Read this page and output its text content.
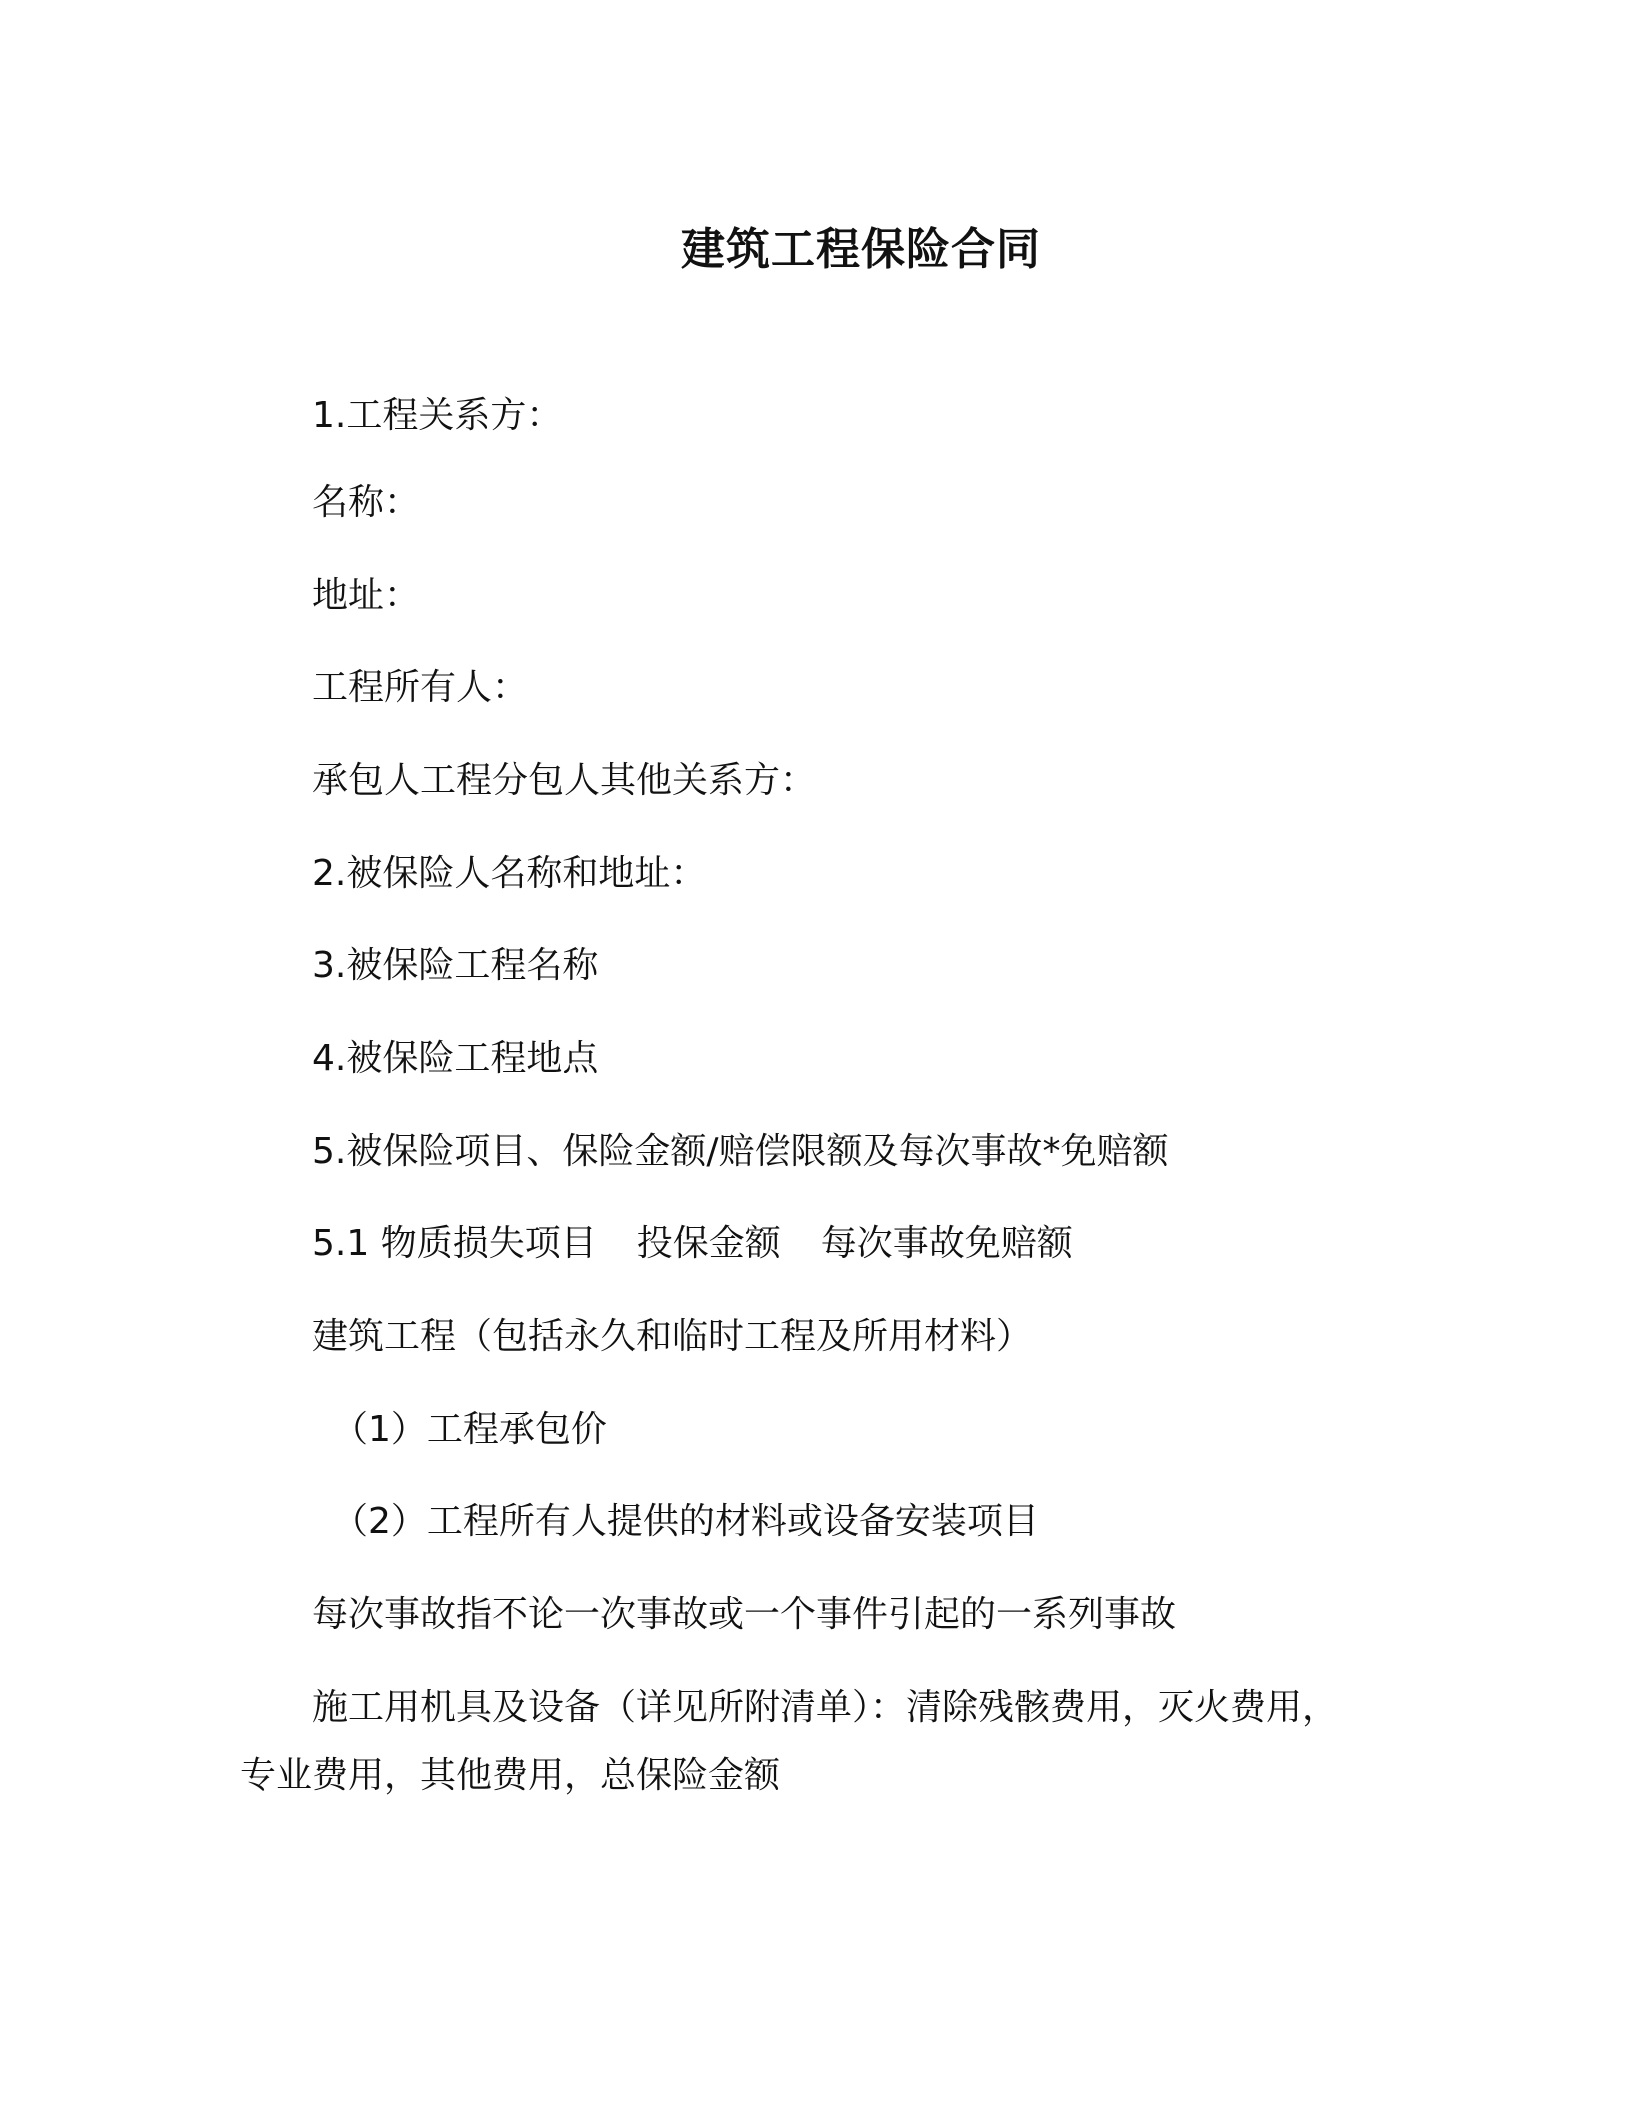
建筑工程保险合同
1.工程关系方：
名称：
地址：
工程所有人：
承包人工程分包人其他关系方：
2.被保险人名称和地址：
3.被保险工程名称
4.被保险工程地点
5.被保险项目、保险金额/赔偿限额及每次事故*免赔额
5.1 物质损失项目 投保金额 每次事故免赔额
建筑工程（包括永久和临时工程及所用材料）
（1）工程承包价
（2）工程所有人提供的材料或设备安装项目
每次事故指不论一次事故或一个事件引起的一系列事故
施工用机具及设备（详见所附清单）：清除残骸费用，灭火费用，
专业费用，其他费用，总保险金额
